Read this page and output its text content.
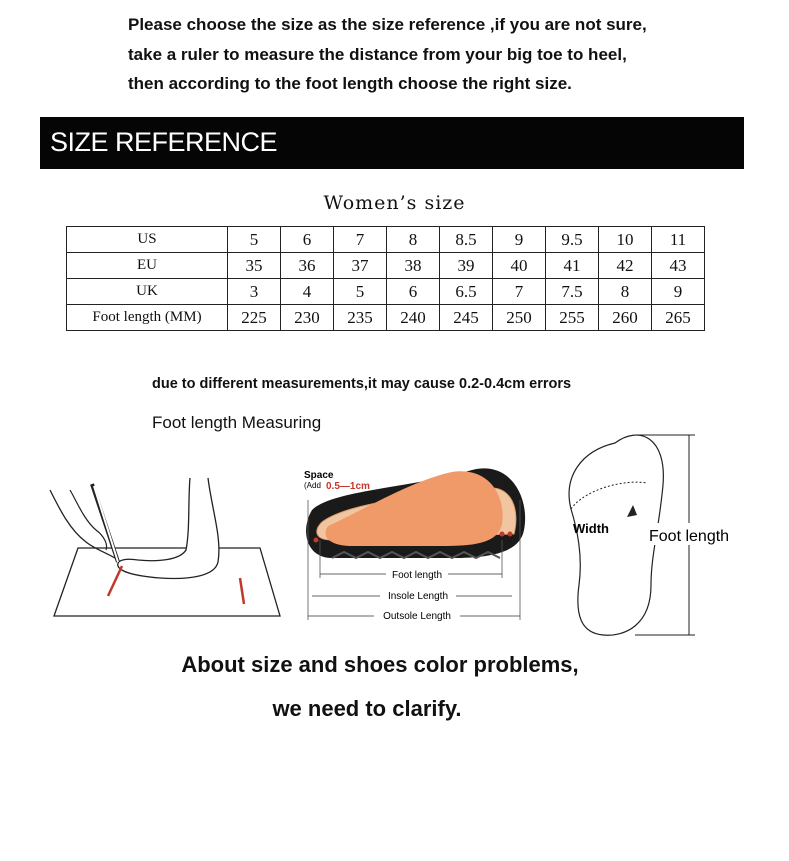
Please choose the size as the size reference ,if you are not sure,
take a ruler to measure the distance from your big toe to heel,
then according to the foot length choose the right size.
SIZE REFERENCE
Women’s size
US	5	6	7	8	8.5	9	9.5	10	11
EU	35	36	37	38	39	40	41	42	43
UK	3	4	5	6	6.5	7	7.5	8	9
Foot length (MM)	225	230	235	240	245	250	255	260	265
due to different measurements,it may cause 0.2-0.4cm errors
Foot length Measuring
Space
(Add 0.5—1cm
Foot length
Insole Length
Outsole Length
Width	Foot length
About size and shoes color problems,
we need to clarify.
